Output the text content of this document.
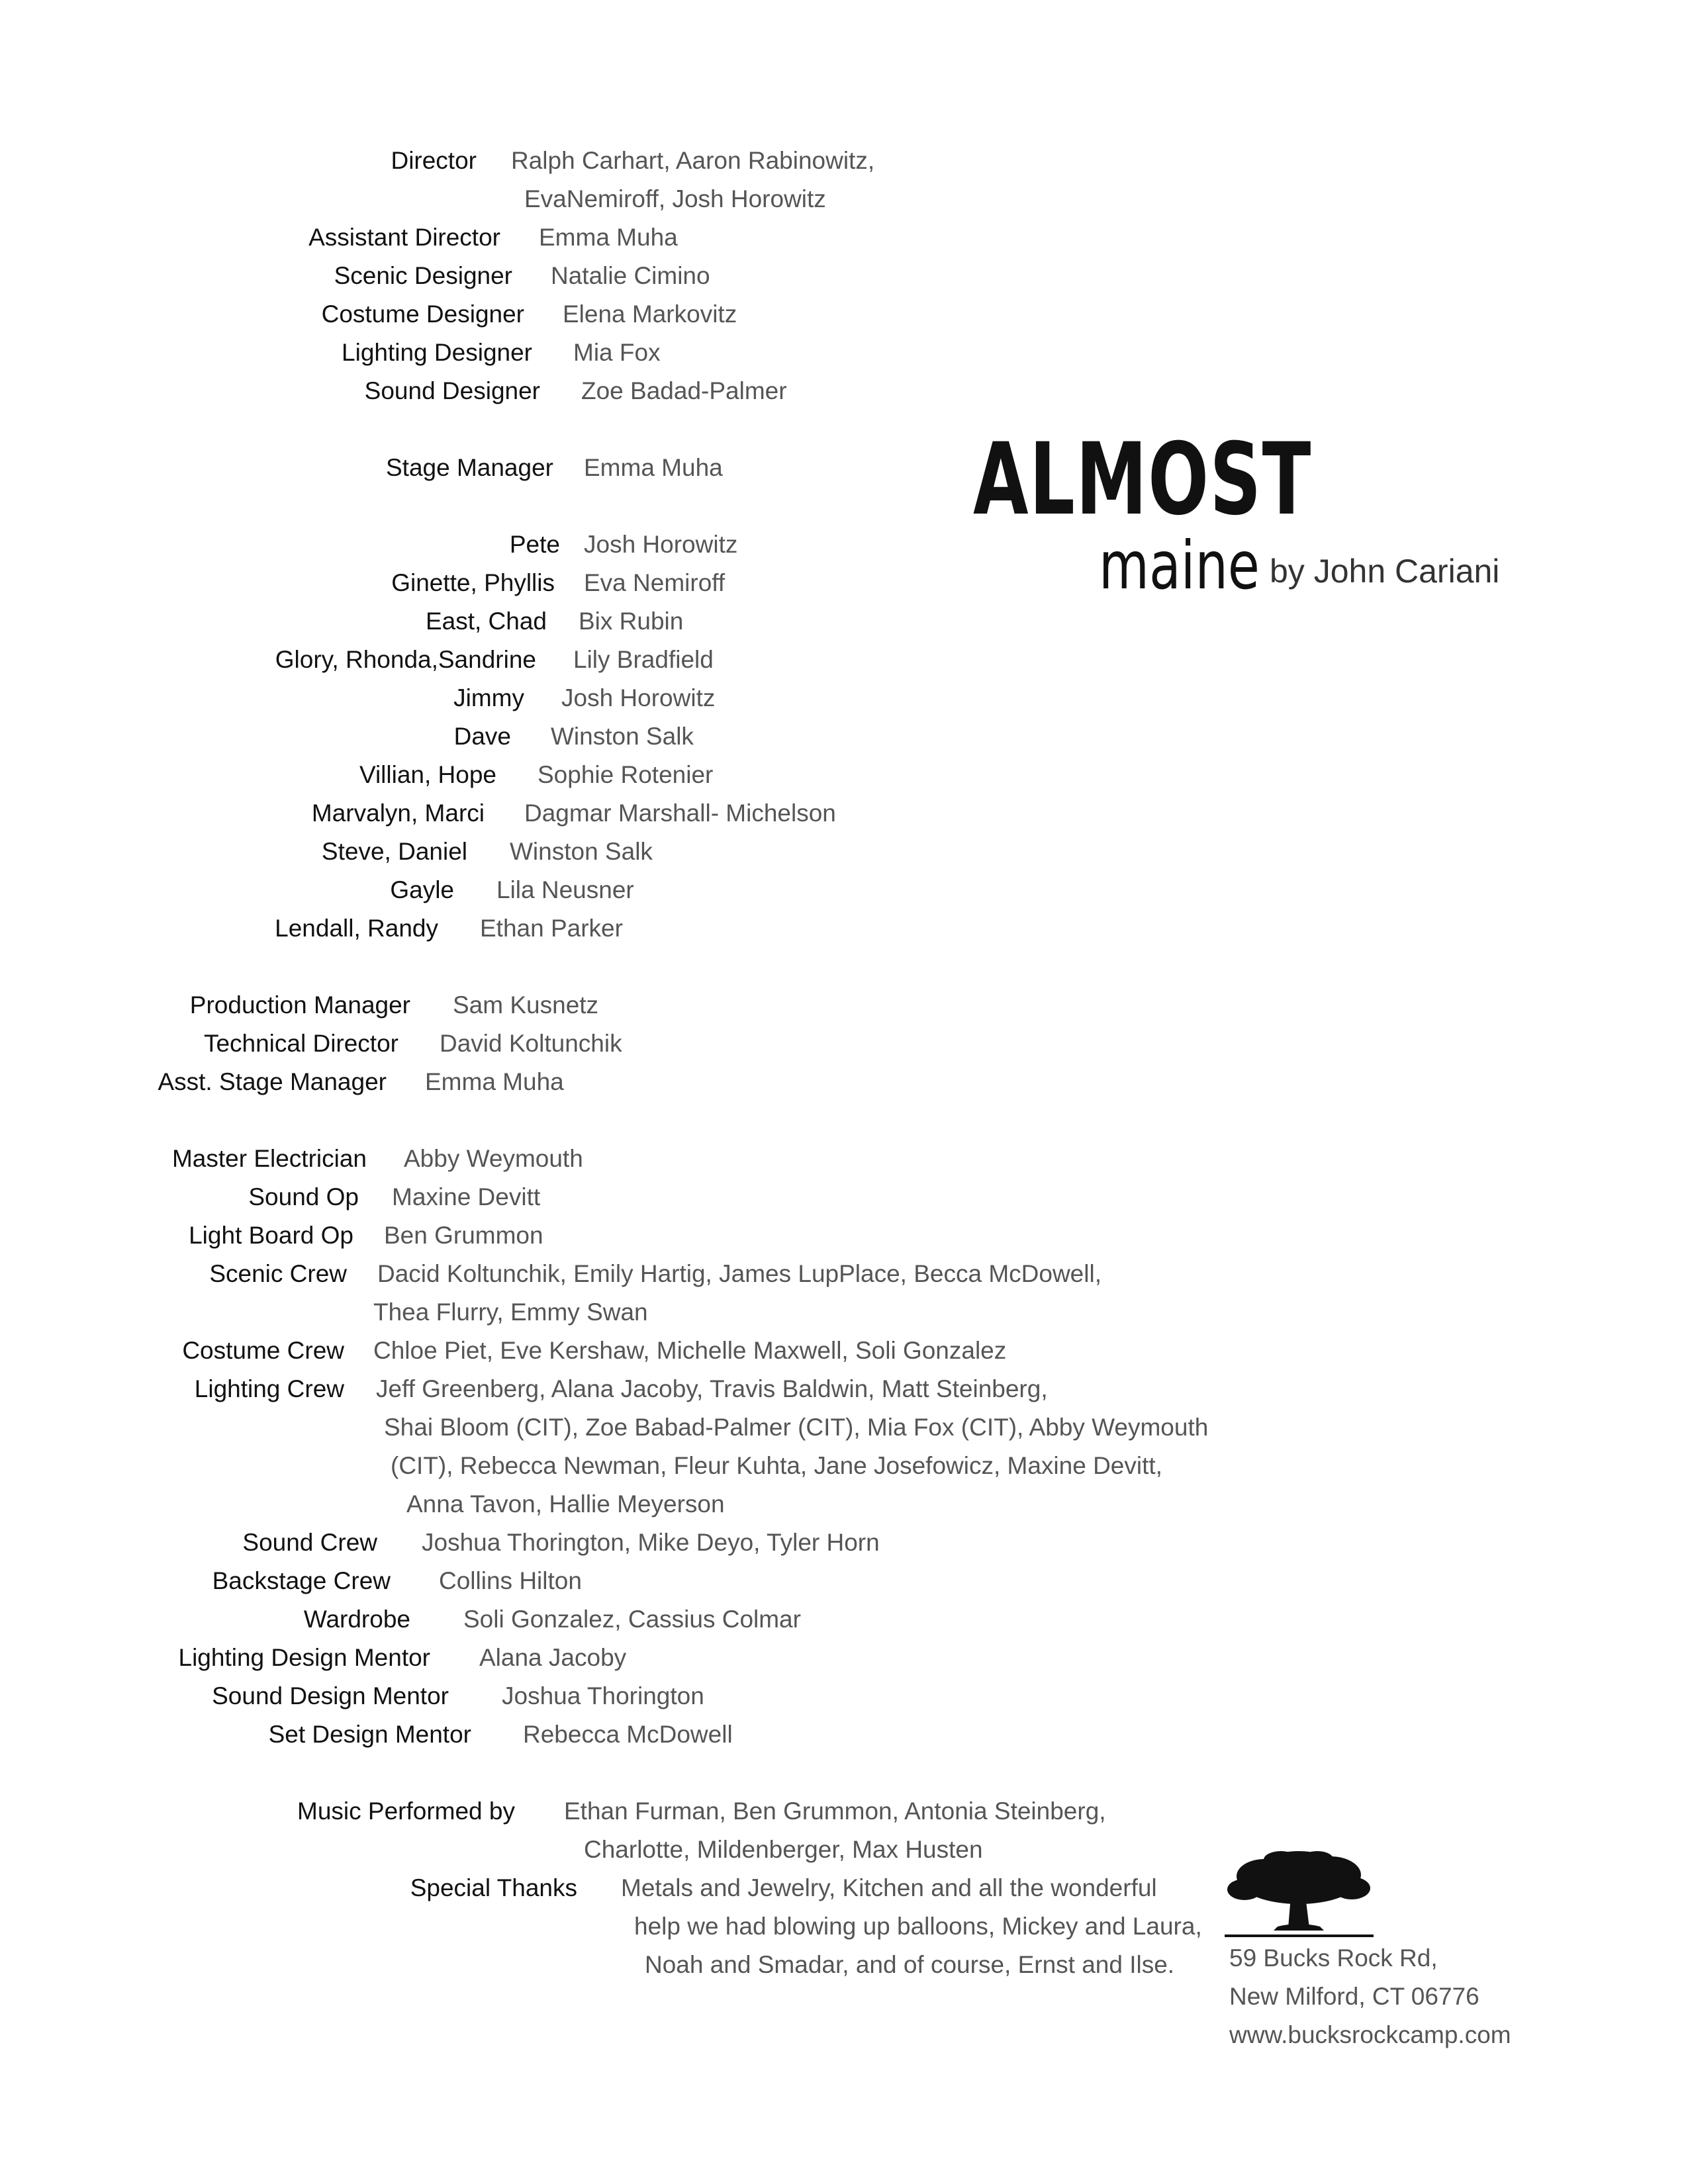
Director Ralph Carhart, Aaron Rabinowitz,
EvaNemiroff, Josh Horowitz
Assistant Director Emma Muha
Scenic Designer Natalie Cimino
Costume Designer Elena Markovitz
Lighting Designer Mia Fox
Sound Designer Zoe Badad-Palmer
Stage Manager Emma Muha
Pete Josh Horowitz
Ginette, Phyllis Eva Nemiroff
East, Chad Bix Rubin
Glory, Rhonda,Sandrine Lily Bradfield
Jimmy Josh Horowitz
Dave Winston Salk
Villian, Hope Sophie Rotenier
Marvalyn, Marci Dagmar Marshall- Michelson
Steve, Daniel Winston Salk
Gayle Lila Neusner
Lendall, Randy Ethan Parker
Production Manager Sam Kusnetz
Technical Director David Koltunchik
Asst. Stage Manager Emma Muha
Master Electrician Abby Weymouth
Sound Op Maxine Devitt
Light Board Op Ben Grummon
Scenic Crew Dacid Koltunchik, Emily Hartig, James LupPlace, Becca McDowell,
Thea Flurry, Emmy Swan
Costume Crew Chloe Piet, Eve Kershaw, Michelle Maxwell, Soli Gonzalez
Lighting Crew Jeff Greenberg, Alana Jacoby, Travis Baldwin, Matt Steinberg,
Shai Bloom (CIT), Zoe Babad-Palmer (CIT), Mia Fox (CIT), Abby Weymouth
(CIT), Rebecca Newman, Fleur Kuhta, Jane Josefowicz, Maxine Devitt,
Anna Tavon, Hallie Meyerson
Sound Crew Joshua Thorington, Mike Deyo, Tyler Horn
Backstage Crew Collins Hilton
Wardrobe Soli Gonzalez, Cassius Colmar
Lighting Design Mentor Alana Jacoby
Sound Design Mentor Joshua Thorington
Set Design Mentor Rebecca McDowell
Music Performed by Ethan Furman, Ben Grummon, Antonia Steinberg,
Charlotte, Mildenberger, Max Husten
Special Thanks Metals and Jewelry, Kitchen and all the wonderful
help we had blowing up balloons, Mickey and Laura,
Noah and Smadar, and of course, Ernst and Ilse.
ALMOST
maine by John Cariani
59 Bucks Rock Rd,
New Milford, CT 06776
www.bucksrockcamp.com
